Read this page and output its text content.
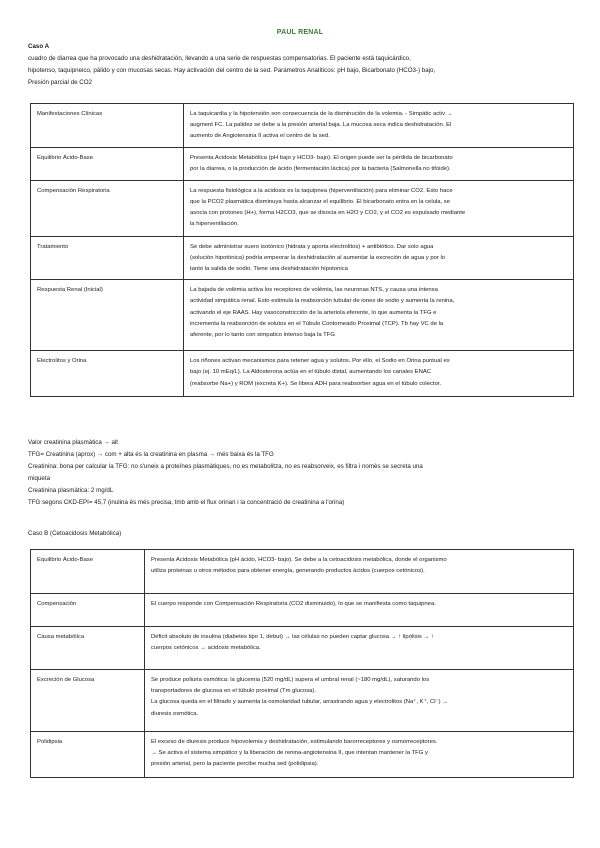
PAUL RENAL
Caso A
cuadro de diarrea que ha provocado una deshidratación, llevando a una serie de respuestas compensatorias. El paciente está taquicárdico,
hipotenso, taquipneico, pálido y con mucosas secas. Hay activación del centro de la sed. Parámetros Analíticos: pH bajo, Bicarbonato (HCO3-) bajo,
Presión parcial de CO2
Manifestaciones Clínicas	La taquicardia y la hipotensión son consecuencia de la disminución de la volemia. - Simpátic activ →
augment FC. La palidez se debe a la presión arterial baja. La mucosa seca indica deshidratación. El
aumento de Angiotensina II activa el centro de la sed.

Equilibrio Ácido-Base	Presenta Acidosis Metabólica (pH bajo y HCO3- bajo). El origen puede ser la pérdida de bicarbonato
por la diarrea, o la producción de ácido (fermentación láctica) por la bacteria (Salmonella no tifoide).

Compensación Respiratoria	La respuesta fisiológica a la acidosis es la taquipnea (hiperventilación) para eliminar CO2. Esto hace
que la PCO2 plasmática disminuya hasta alcanzar el equilibrio. El bicarbonato entra en la celula, se
asocia con protones (H+), forma H2CO3, que se disocia en H2O y CO2, y el CO2 es expulsado mediante
la hiperventilación.

Tratamiento	Se debe administrar suero isotónico (hidrata y aporta electrolitos) + antibiótico. Dar solo agua
(solución hipotónica) podría empeorar la deshidratación al aumentar la excreción de agua y por lo
tanto la salida de sodio. Tiene una deshidratación hipotonica

Respuesta Renal (Inicial)	La bajada de volèmia activa los receptores de volèmia, las neuronas NTS, y causa una intensa
actividad simpática renal. Esto estimula la reabsorción tubular de iones de sodio y aumenta la renina,
activando el eje RAAS. Hay vasoconstricción de la arteriola eferente, lo que aumenta la TFG e
incrementa la reabsorción de solutos en el Túbulo Contorneado Proximal (TCP). Tb hay VC de la
aferente, por lo tanto con simpatico intenso baja la TFG

Electrolitos y Orina	Los riñones activan mecanismos para retener agua y solutos. Por ello, el Sodio en Orina puntual es
bajo (ej. 10 mEq/L). La Aldosterona actúa en el túbulo distal, aumentando los canales ENAC
(reabsorbe Na+) y ROM (excreta K+). Se libera ADH para reabsorber agua en el túbulo colector.
Valor creatinina plasmàtica → alt
TFG= Creatinina (aprox) → com + alta és la creatinina en plasma → més baixa és la TFG
Creatinina: bona per calcular la TFG: no s'uneix a proteïnes plasmàtiques, no es metabolitza, no es reabsorveix, es filtra i nomès se secreta una
miqueta
Creatinina plasmàtica: 2 mg/dL
TFG segons CKD-EPI= 45,7 (inulina és més precisa, tmb amb el flux orinari i la concentració de creatinina a l'orina)
Caso B (Cetoacidosis Metabólica)
Equilibrio Ácido-Base	Presenta Acidosis Metabólica (pH ácido, HCO3- bajo). Se debe a la cetoacidosis metabólica, donde el organismo
utiliza proteinas u otros métodos para obtener energía, generando productos ácidos (cuerpos cetónicos).

Compensación	El cuerpo responde con Compensación Respiratoria (CO2 disminuido), lo que se manifiesta como taquipnea.

Causa metabólica	Déficit absoluto de insulina (diabetes tipo 1, debut) → las células no pueden captar glucosa → ↑ lipólisis → ↑
cuerpos cetónicos → acidosis metabólica.

Excreción de Glucosa	Se produce poliuria osmótica: la glucemia (520 mg/dL) supera el umbral renal (~180 mg/dL), saturando los
transportadores de glucosa en el túbulo proximal (Tm glucosa).
La glucosa queda en el filtrado y aumenta la osmolaridad tubular, arrastrando agua y electrolitos (Na⁺, K⁺, Cl⁻) →
diuresis osmótica.

Polidipsia	El exceso de diuresis produce hipovolemia y deshidratación, estimulando barorreceptores y osmorreceptores.
→ Se activa el sistema simpático y la liberación de renina-angiotensina II, que intentan mantener la TFG y
presión arterial, pero la paciente percibe mucha sed (polidipsia).
